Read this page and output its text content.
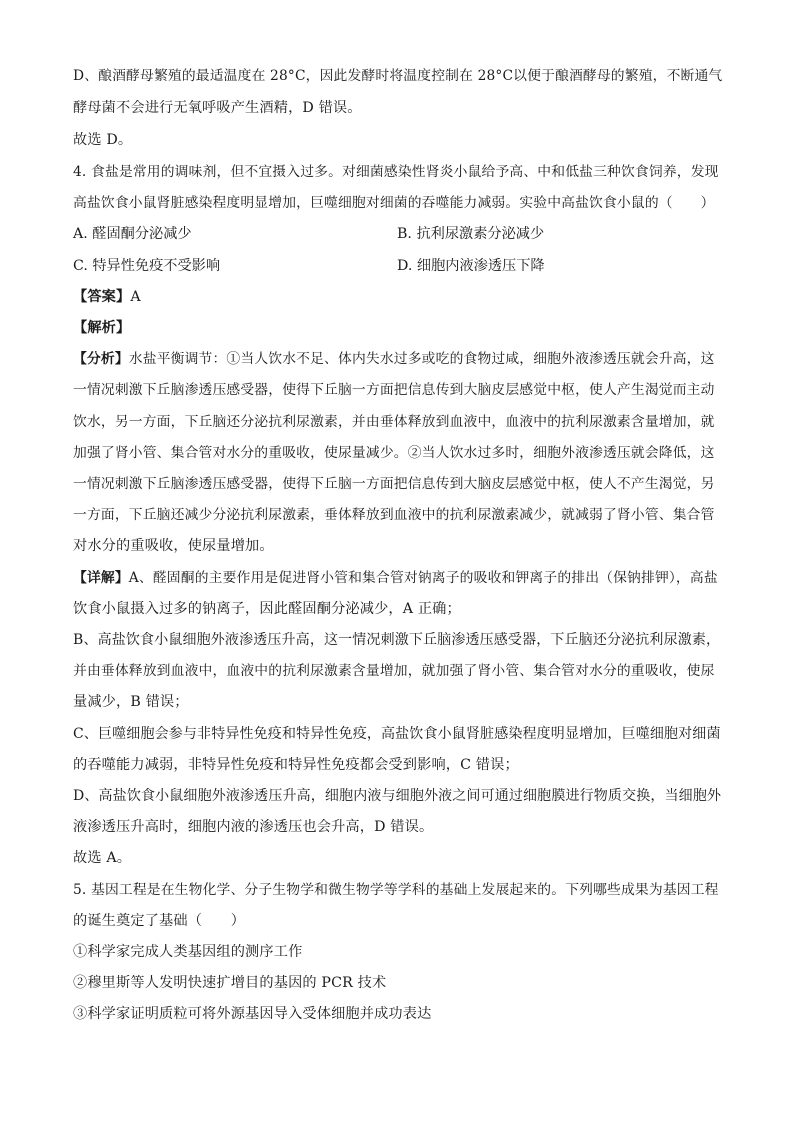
D、酿酒酵母繁殖的最适温度在 28°C，因此发酵时将温度控制在 28°C以便于酿酒酵母的繁殖，不断通气
酵母菌不会进行无氧呼吸产生酒精，D 错误。
故选 D。
4. 食盐是常用的调味剂，但不宜摄入过多。对细菌感染性肾炎小鼠给予高、中和低盐三种饮食饲养，发现
高盐饮食小鼠肾脏感染程度明显增加，巨噬细胞对细菌的吞噬能力减弱。实验中高盐饮食小鼠的（　　）
A. 醛固酮分泌减少	B. 抗利尿激素分泌减少
C. 特异性免疫不受影响	D. 细胞内液渗透压下降
【答案】A
【解析】
【分析】水盐平衡调节：①当人饮水不足、体内失水过多或吃的食物过咸，细胞外液渗透压就会升高，这
一情况刺激下丘脑渗透压感受器，使得下丘脑一方面把信息传到大脑皮层感觉中枢，使人产生渴觉而主动
饮水，另一方面，下丘脑还分泌抗利尿激素，并由垂体释放到血液中，血液中的抗利尿激素含量增加，就
加强了肾小管、集合管对水分的重吸收，使尿量减少。②当人饮水过多时，细胞外液渗透压就会降低，这
一情况刺激下丘脑渗透压感受器，使得下丘脑一方面把信息传到大脑皮层感觉中枢，使人不产生渴觉，另
一方面，下丘脑还减少分泌抗利尿激素，垂体释放到血液中的抗利尿激素减少，就减弱了肾小管、集合管
对水分的重吸收，使尿量增加。
【详解】A、醛固酮的主要作用是促进肾小管和集合管对钠离子的吸收和钾离子的排出（保钠排钾），高盐
饮食小鼠摄入过多的钠离子，因此醛固酮分泌减少，A 正确；
B、高盐饮食小鼠细胞外液渗透压升高，这一情况刺激下丘脑渗透压感受器，下丘脑还分泌抗利尿激素，
并由垂体释放到血液中，血液中的抗利尿激素含量增加，就加强了肾小管、集合管对水分的重吸收，使尿
量减少，B 错误；
C、巨噬细胞会参与非特异性免疫和特异性免疫，高盐饮食小鼠肾脏感染程度明显增加，巨噬细胞对细菌
的吞噬能力减弱，非特异性免疫和特异性免疫都会受到影响，C 错误；
D、高盐饮食小鼠细胞外液渗透压升高，细胞内液与细胞外液之间可通过细胞膜进行物质交换，当细胞外
液渗透压升高时，细胞内液的渗透压也会升高，D 错误。
故选 A。
5. 基因工程是在生物化学、分子生物学和微生物学等学科的基础上发展起来的。下列哪些成果为基因工程
的诞生奠定了基础（　　）
①科学家完成人类基因组的测序工作
②穆里斯等人发明快速扩增目的基因的 PCR 技术
③科学家证明质粒可将外源基因导入受体细胞并成功表达
